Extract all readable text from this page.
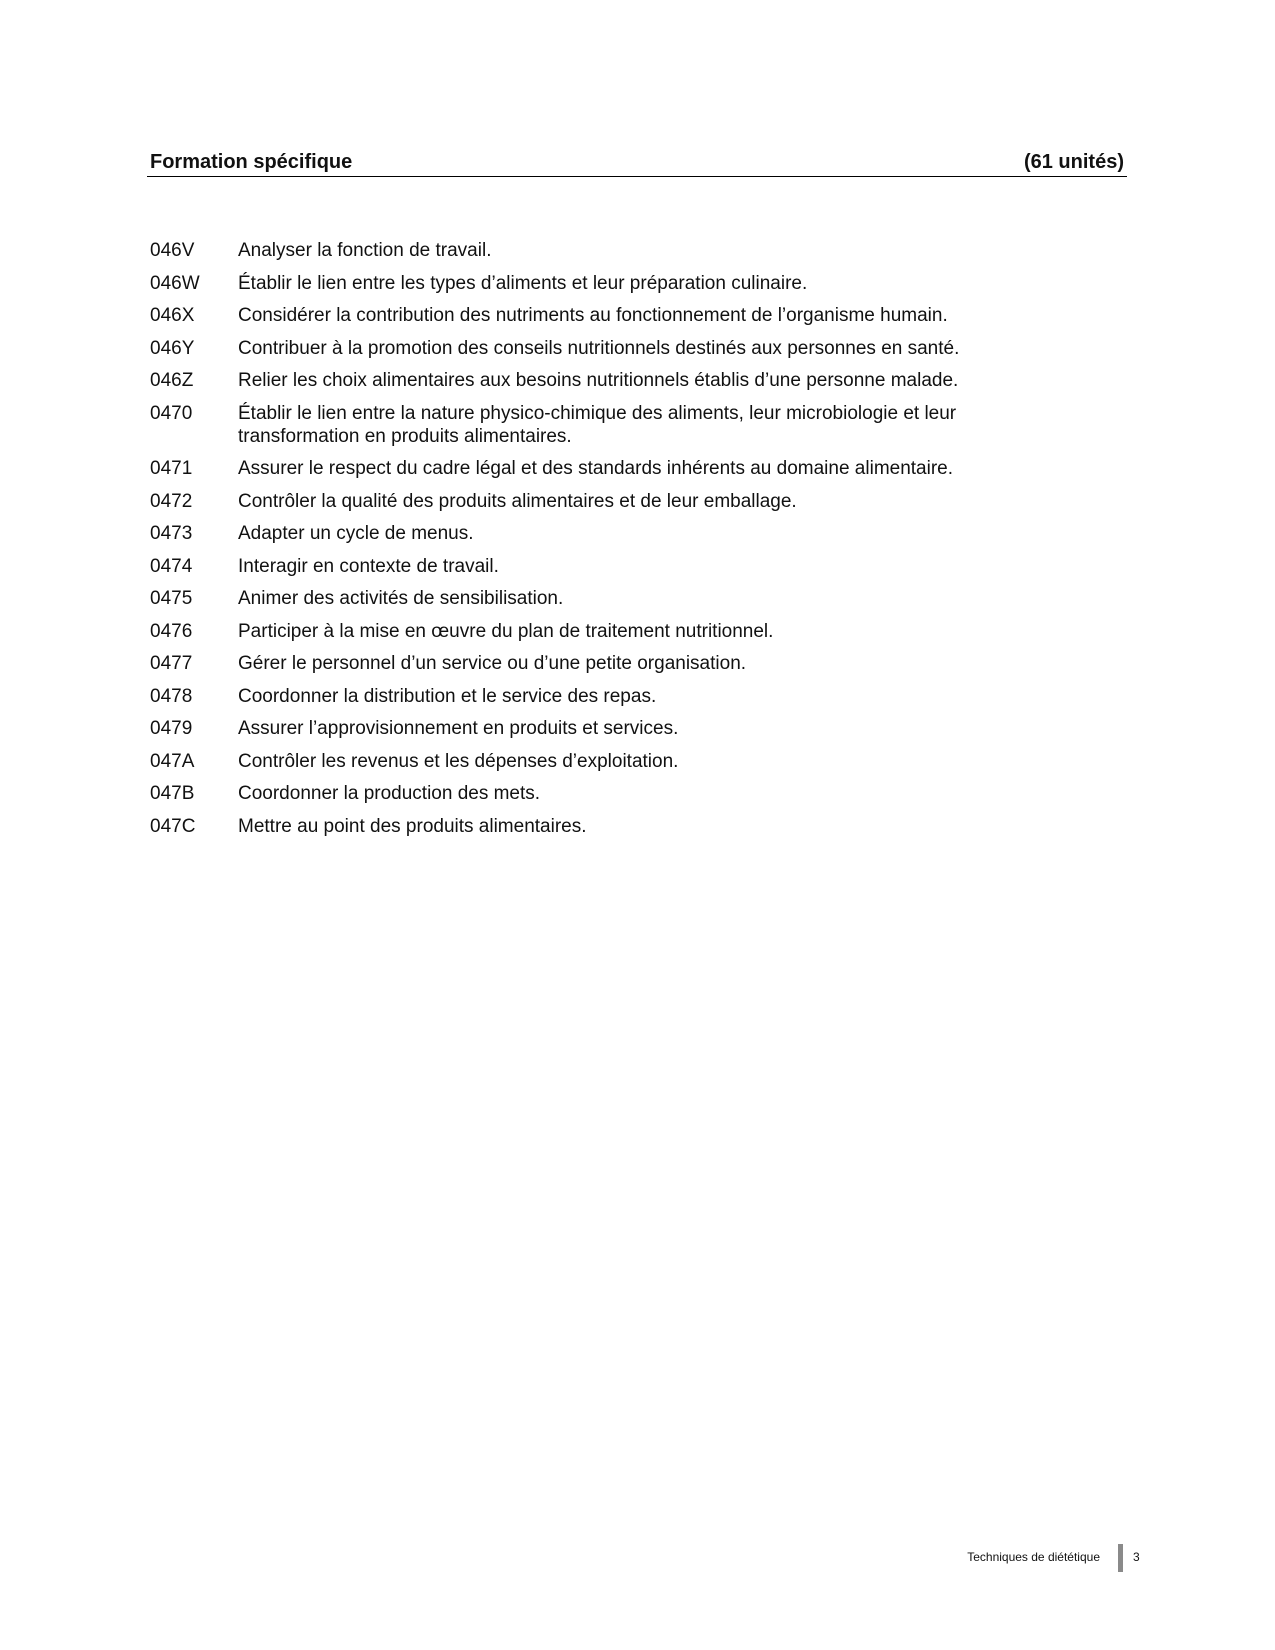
Formation spécifique	(61 unités)
046V	Analyser la fonction de travail.
046W	Établir le lien entre les types d’aliments et leur préparation culinaire.
046X	Considérer la contribution des nutriments au fonctionnement de l’organisme humain.
046Y	Contribuer à la promotion des conseils nutritionnels destinés aux personnes en santé.
046Z	Relier les choix alimentaires aux besoins nutritionnels établis d’une personne malade.
0470	Établir le lien entre la nature physico-chimique des aliments, leur microbiologie et leur transformation en produits alimentaires.
0471	Assurer le respect du cadre légal et des standards inhérents au domaine alimentaire.
0472	Contrôler la qualité des produits alimentaires et de leur emballage.
0473	Adapter un cycle de menus.
0474	Interagir en contexte de travail.
0475	Animer des activités de sensibilisation.
0476	Participer à la mise en œuvre du plan de traitement nutritionnel.
0477	Gérer le personnel d’un service ou d’une petite organisation.
0478	Coordonner la distribution et le service des repas.
0479	Assurer l’approvisionnement en produits et services.
047A	Contrôler les revenus et les dépenses d’exploitation.
047B	Coordonner la production des mets.
047C	Mettre au point des produits alimentaires.
Techniques de diététique	3
